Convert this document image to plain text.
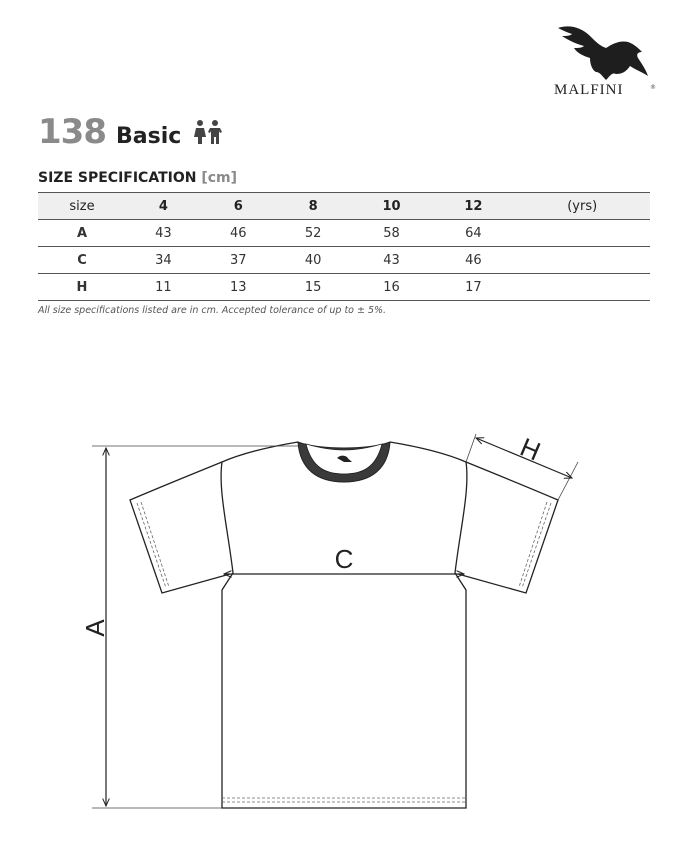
MALFINI	®
138 Basic
SIZE SPECIFICATION [cm]
size	4	6	8	10	12	(yrs)
A	43	46	52	58	64	
C	34	37	40	43	46	
H	11	13	15	16	17	
All size specifications listed are in cm. Accepted tolerance of up to ± 5%.
A
C
H
